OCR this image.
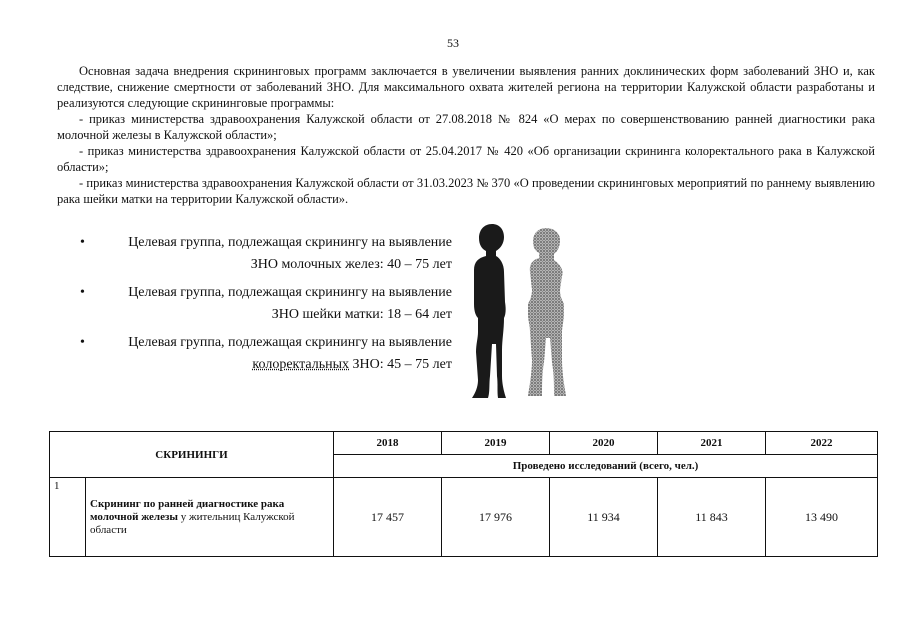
53

Основная задача внедрения скрининговых программ заключается в увеличении выявления ранних доклинических форм заболеваний ЗНО и, как следствие, снижение смертности от заболеваний ЗНО. Для максимального охвата жителей региона на территории Калужской области разработаны и реализуются следующие скрининговые программы:

- приказ министерства здравоохранения Калужской области от 27.08.2018 № 824 «О мерах по совершенствованию ранней диагностики рака молочной железы в Калужской области»;

- приказ министерства здравоохранения Калужской области от 25.04.2017 № 420 «Об организации скрининга колоректального рака в Калужской области»;

- приказ министерства здравоохранения Калужской области от 31.03.2023 № 370 «О проведении скрининговых мероприятий по раннему выявлению рака шейки матки на территории Калужской области».

•	Целевая группа, подлежащая скринингу на выявление
ЗНО молочных желез: 40 – 75 лет
•	Целевая группа, подлежащая скринингу на выявление
ЗНО шейки матки: 18 – 64 лет
•	Целевая группа, подлежащая скринингу на выявление
колоректальных ЗНО: 45 – 75 лет
СКРИНИНГИ		2018	2019	2020	2021	2022
		Проведено исследований (всего, чел.)				
1	Скрининг по ранней диагностике рака молочной железы у жительниц Калужской области	17 457	17 976	11 934	11 843	13 490
